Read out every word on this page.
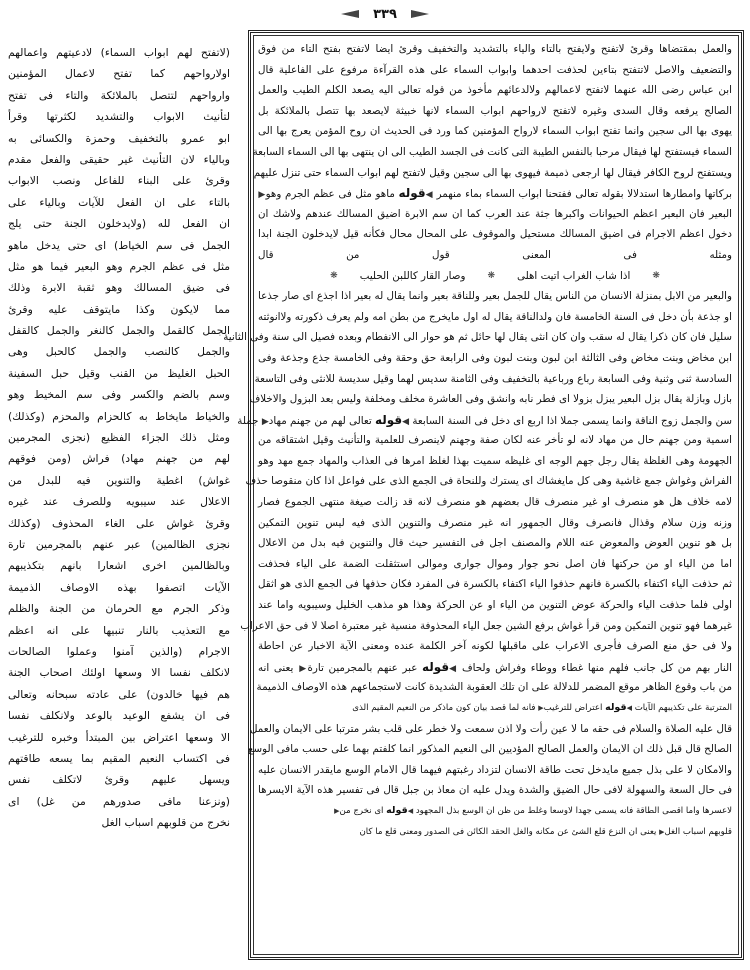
٣٣٩
والعمل بمقتضاها وقرئ لاتفتح ولايفتح بالتاء والياء بالتشديد والتخفيف وقرئ ايضا لاتفتح بفتح التاء من فوق
والتضعيف والاصل لاتتفتح بتاءين لحذفت احدهما وابواب السماء على هذه القرآءة مرفوع على الفاعلية قال
ابن عباس رضى الله عنهما لاتفتح لاعمالهم ولالدعائهم مأخوذ من قوله تعالى اليه يصعد الكلم الطيب والعمل
الصالح يرفعه وقال السدى وغيره لاتفتح لارواحهم ابواب السماء لانها خبيثة لايصعد بها تتصل بالملائكة بل
يهوى بها الى سجين وانما تفتح ابواب السماء لارواح المؤمنين كما ورد فى الحديث ان روح المؤمن يعرج بها الى
السماء فيستفتح لها فيقال مرحبا بالنفس الطيبة التى كانت فى الجسد الطيب الى ان ينتهى بها الى السماء السابعة
ويستفتح لروح الكافر فيقال لها ارجعى ذميمة فيهوى بها الى سجين وقيل لاتفتح لهم ابواب السماء حتى تنزل عليهم
بركاتها وامطارها استدلالا بقوله تعالى ففتحنا ابواب السماء بماء منهمر ◀قوله ماهو مثل فى عظم الجرم وهو▶
البعير فان البعير اعظم الحيوانات واكبرها جثة عند العرب كما ان سم الابرة اضيق المسالك عندهم ولاشك ان
دخول اعظم الاجرام فى اضيق المسالك مستحيل والموقوف على المحال محال فكأنه قيل لايدخلون الجنة ابدا
ومثله فى المعنى قول من قال
❋
اذا شاب الغراب اتيت اهلى
❋
وصار القار كاللبن الحليب
❋
والبعير من الابل بمنزلة الانسان من الناس يقال للجمل بعير وللناقة بعير وانما يقال له بعير اذا اجذع اى صار جذعا
او جذعة بأن دخل فى السنة الخامسة فان ولدالناقة يقال له اول مايخرج من بطن امه ولم يعرف ذكورته ولاانوثته
سليل فان كان ذكرا يقال له سقب وان كان انثى يقال لها حائل ثم هو حوار الى الانفطام وبعده فصيل الى سنة وفى الثانية
ابن مخاض وبنت مخاض وفى الثالثة ابن لبون وبنت لبون وفى الرابعة حق وحقة وفى الخامسة جذع وجذعة وفى
السادسة ثنى وثنية وفى السابعة رباع ورباعية بالتخفيف وفى الثامنة سديس لهما وقيل سديسة للانثى وفى التاسعة
بازل وبازلة يقال بزل البعير يبزل بزولا اى فطر نابه وانشق وفى العاشرة مخلف ومخلفة وليس بعد البزول والاخلاف
سن والجمل زوج الناقة وانما يسمى جملا اذا اربع اى دخل فى السنة السابعة ◀قوله تعالى لهم من جهنم مهاد▶ جملة
اسمية ومن جهنم حال من مهاد لانه لو تأخر عنه لكان صفة وجهنم لاينصرف للعلمية والتأنيث وقيل اشتقاقه من
الجهومة وهى الغلظة يقال رجل جهم الوجه اى غليظه سميت بهذا لغلظ امرها فى العذاب والمهاد جمع مهد وهو
الفراش وغواش جمع غاشية وهى كل مايغشاك اى يسترك وللنحاة فى الجمع الذى على فواعل اذا كان منقوصا حذف
لامه خلاف هل هو منصرف او غير منصرف قال بعضهم هو منصرف لانه قد زالت صيغة منتهى الجموع فصار
وزنه وزن سلام وقذال فانصرف وقال الجمهور انه غير منصرف والتنوين الذى فيه ليس تنوين التمكين
بل هو تنوين العوض والمعوض عنه اللام والمصنف اجل فى التفسير حيث قال والتنوين فيه بدل من الاعلال
اما من الياء او من حركتها فان اصل نحو جوار وموال جوارى وموالى استثقلت الضمة على الياء فحذفت
ثم حذفت الياء اكتفاء بالكسرة فانهم حذفوا الياء اكتفاء بالكسرة فى المفرد فكان حذفها فى الجمع الذى هو اثقل
اولى فلما حذفت الياء والحركة عوض التنوين من الياء او عن الحركة وهذا هو مذهب الخليل وسيبويه واما عند
غيرهما فهو تنوين التمكين ومن قرأ غواش برفع الشين جعل الياء المحذوفة منسية غير معتبرة اصلا لا فى حق الاعراب
ولا فى حق منع الصرف فأجرى الاعراب على ماقبلها لكونه آخر الكلمة عنده ومعنى الآية الاخبار عن احاطة
النار بهم من كل جانب فلهم منها غطاء ووطاء وفراش ولحاف ◀قوله عبر عنهم بالمجرمين تارة▶ يعنى انه
من باب وقوع الظاهر موقع المضمر للدلالة على ان تلك العقوبة الشديدة كانت لاستجماعهم هذه الاوصاف الذميمة
المترتبة على تكذيبهم الآيات ◀قوله اعتراض للترغيب▶ فانه لما قصد بيان كون ماذكر من النعيم المقيم الذى
قال عليه الصلاة والسلام فى حقه ما لا عين رأت ولا اذن سمعت ولا خطر على قلب بشر مترتبا على الايمان والعمل
الصالح قال قبل ذلك ان الايمان والعمل الصالح المؤديين الى النعيم المذكور انما كلفتم بهما على حسب مافى الوسع
والامكان لا على بذل جميع مايدخل تحت طاقة الانسان لتزداد رغبتهم فيهما قال الامام الوسع مايقدر الانسان عليه
فى حال السعة والسهولة لافى حال الضيق والشدة ويدل عليه ان معاذ بن جبل قال فى تفسير هذه الآية الايسرها
لاعسرها واما اقصى الطاقة فانه يسمى جهدا لاوسعا وغلط من ظن ان الوسع بذل المجهود ◀قوله اى نخرج من▶
قلوبهم اسباب الغل▶ يعنى ان النزع قلع الشئ عن مكانه والغل الحقد الكائن فى الصدور ومعنى قلع ما كان
(لاتفتح لهم ابواب السماء) لادعيتهم واعمالهم
اولارواحهم كما تفتح لاعمال المؤمنين
وارواحهم لتتصل بالملائكة والتاء فى تفتح
لتأنيث الابواب والتشديد لكثرتها وقرأ
ابو عمرو بالتخفيف وحمزة والكسائى به
وبالياء لان التأنيث غير حقيقى والفعل مقدم
وقرئ على البناء للفاعل ونصب الابواب
بالتاء على ان الفعل للآيات وبالياء على
ان الفعل لله (ولايدخلون الجنة حتى يلج
الجمل فى سم الخياط) اى حتى يدخل ماهو
مثل فى عظم الجرم وهو البعير فيما هو مثل
فى ضيق المسالك وهو ثقبة الابرة وذلك
مما لايكون وكذا مايتوقف عليه وقرئ
الجمل كالقمل والجمل كالنغر والجمل كالقفل
والجمل كالنصب والجمل كالحبل وهى
الحبل الغليظ من القنب وقيل حبل السفينة
وسم بالضم والكسر وفى سم المخيط وهو
والخياط مايخاط به كالحزام والمحزم (وكذلك)
ومثل ذلك الجزاء الفظيع (نجزى المجرمين
لهم من جهنم مهاد) فراش (ومن فوقهم
غواش) اغطية والتنوين فيه للبدل من
الاعلال عند سيبويه وللصرف عند غيره
وقرئ غواش على الغاء المحذوف (وكذلك
نجزى الظالمين) عبر عنهم بالمجرمين تارة
وبالظالمين اخرى اشعارا بانهم بتكذيبهم
الآيات اتصفوا بهذه الاوصاف الذميمة
وذكر الجرم مع الحرمان من الجنة والظلم
مع التعذيب بالنار تنبيها على انه اعظم
الاجرام (والذين آمنوا وعملوا الصالحات
لانكلف نفسا الا وسعها اولئك اصحاب الجنة
هم فيها خالدون) على عادته سبحانه وتعالى
فى ان يشفع الوعيد بالوعد ولانكلف نفسا
الا وسعها اعتراض بين المبتدأ وخبره للترغيب
فى اكتساب النعيم المقيم بما يسعه طاقتهم
ويسهل عليهم وقرئ لاتكلف نفس
(ونزعنا مافى صدورهم من غل) اى
نخرج من قلوبهم اسباب الغل
